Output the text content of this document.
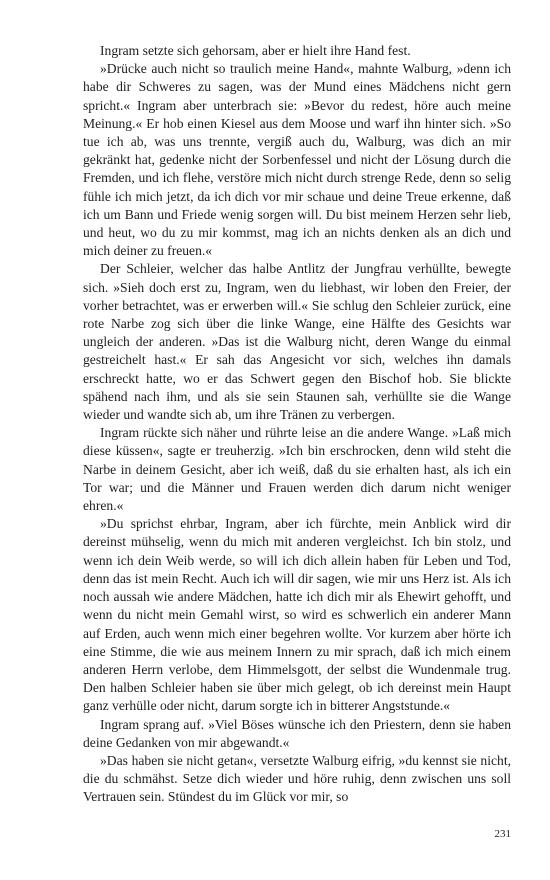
Ingram setzte sich gehorsam, aber er hielt ihre Hand fest.

»Drücke auch nicht so traulich meine Hand«, mahnte Walburg, »denn ich habe dir Schweres zu sagen, was der Mund eines Mädchens nicht gern spricht.« Ingram aber unterbrach sie: »Bevor du redest, höre auch meine Meinung.« Er hob einen Kiesel aus dem Moose und warf ihn hinter sich. »So tue ich ab, was uns trennte, vergiß auch du, Walburg, was dich an mir gekränkt hat, gedenke nicht der Sorbenfessel und nicht der Lösung durch die Fremden, und ich flehe, verstöre mich nicht durch strenge Rede, denn so selig fühle ich mich jetzt, da ich dich vor mir schaue und deine Treue erkenne, daß ich um Bann und Friede wenig sorgen will. Du bist meinem Herzen sehr lieb, und heut, wo du zu mir kommst, mag ich an nichts denken als an dich und mich deiner zu freuen.«

Der Schleier, welcher das halbe Antlitz der Jungfrau verhüllte, bewegte sich. »Sieh doch erst zu, Ingram, wen du liebhast, wir loben den Freier, der vorher betrachtet, was er erwerben will.« Sie schlug den Schleier zurück, eine rote Narbe zog sich über die linke Wange, eine Hälfte des Gesichts war ungleich der anderen. »Das ist die Walburg nicht, deren Wange du einmal gestreichelt hast.« Er sah das Angesicht vor sich, welches ihn damals erschreckt hatte, wo er das Schwert gegen den Bischof hob. Sie blickte spähend nach ihm, und als sie sein Staunen sah, verhüllte sie die Wange wieder und wandte sich ab, um ihre Tränen zu verbergen.

Ingram rückte sich näher und rührte leise an die andere Wange. »Laß mich diese küssen«, sagte er treuherzig. »Ich bin erschrocken, denn wild steht die Narbe in deinem Gesicht, aber ich weiß, daß du sie erhalten hast, als ich ein Tor war; und die Männer und Frauen werden dich darum nicht weniger ehren.«

»Du sprichst ehrbar, Ingram, aber ich fürchte, mein Anblick wird dir dereinst mühselig, wenn du mich mit anderen vergleichst. Ich bin stolz, und wenn ich dein Weib werde, so will ich dich allein haben für Leben und Tod, denn das ist mein Recht. Auch ich will dir sagen, wie mir uns Herz ist. Als ich noch aussah wie andere Mädchen, hatte ich dich mir als Ehewirt gehofft, und wenn du nicht mein Gemahl wirst, so wird es schwerlich ein anderer Mann auf Erden, auch wenn mich einer begehren wollte. Vor kurzem aber hörte ich eine Stimme, die wie aus meinem Innern zu mir sprach, daß ich mich einem anderen Herrn verlobe, dem Himmelsgott, der selbst die Wundenmale trug. Den halben Schleier haben sie über mich gelegt, ob ich dereinst mein Haupt ganz verhülle oder nicht, darum sorgte ich in bitterer Angststunde.«

Ingram sprang auf. »Viel Böses wünsche ich den Priestern, denn sie haben deine Gedanken von mir abgewandt.«

»Das haben sie nicht getan«, versetzte Walburg eifrig, »du kennst sie nicht, die du schmähst. Setze dich wieder und höre ruhig, denn zwischen uns soll Vertrauen sein. Stündest du im Glück vor mir, so

231
